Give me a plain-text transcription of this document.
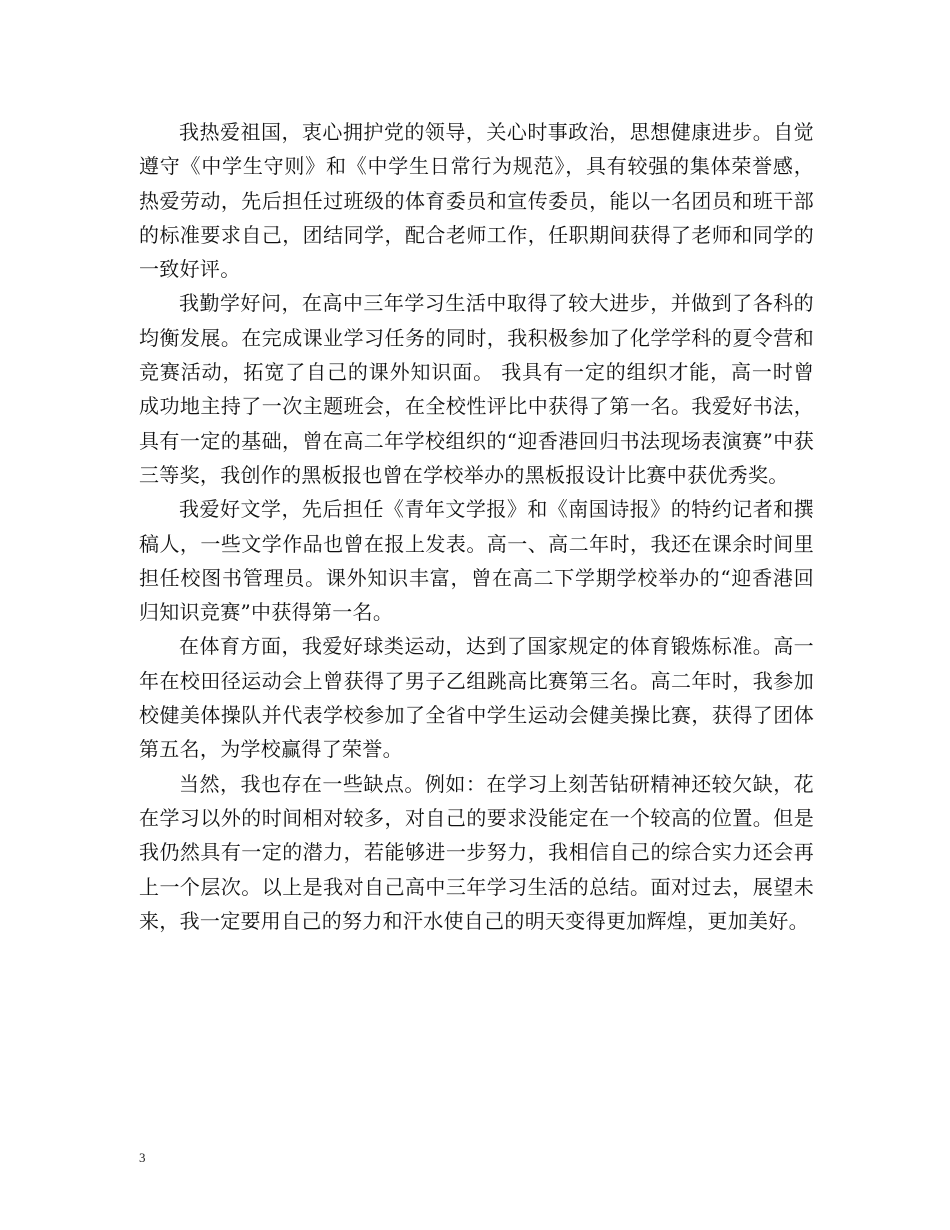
我热爱祖国，衷心拥护党的领导，关心时事政治，思想健康进步。自觉遵守《中学生守则》和《中学生日常行为规范》，具有较强的集体荣誉感，热爱劳动，先后担任过班级的体育委员和宣传委员，能以一名团员和班干部的标准要求自己，团结同学，配合老师工作，任职期间获得了老师和同学的一致好评。

我勤学好问，在高中三年学习生活中取得了较大进步，并做到了各科的均衡发展。在完成课业学习任务的同时，我积极参加了化学学科的夏令营和竞赛活动，拓宽了自己的课外知识面。 我具有一定的组织才能，高一时曾成功地主持了一次主题班会，在全校性评比中获得了第一名。我爱好书法，具有一定的基础，曾在高二年学校组织的“迎香港回归书法现场表演赛”中获三等奖，我创作的黑板报也曾在学校举办的黑板报设计比赛中获优秀奖。

我爱好文学，先后担任《青年文学报》和《南国诗报》的特约记者和撰稿人，一些文学作品也曾在报上发表。高一、高二年时，我还在课余时间里担任校图书管理员。课外知识丰富，曾在高二下学期学校举办的“迎香港回归知识竞赛”中获得第一名。

在体育方面，我爱好球类运动，达到了国家规定的体育锻炼标准。高一年在校田径运动会上曾获得了男子乙组跳高比赛第三名。高二年时，我参加校健美体操队并代表学校参加了全省中学生运动会健美操比赛，获得了团体第五名，为学校赢得了荣誉。

当然，我也存在一些缺点。例如：在学习上刻苦钻研精神还较欠缺，花在学习以外的时间相对较多，对自己的要求没能定在一个较高的位置。但是我仍然具有一定的潜力，若能够进一步努力，我相信自己的综合实力还会再上一个层次。以上是我对自己高中三年学习生活的总结。面对过去，展望未来，我一定要用自己的努力和汗水使自己的明天变得更加辉煌，更加美好。

3
